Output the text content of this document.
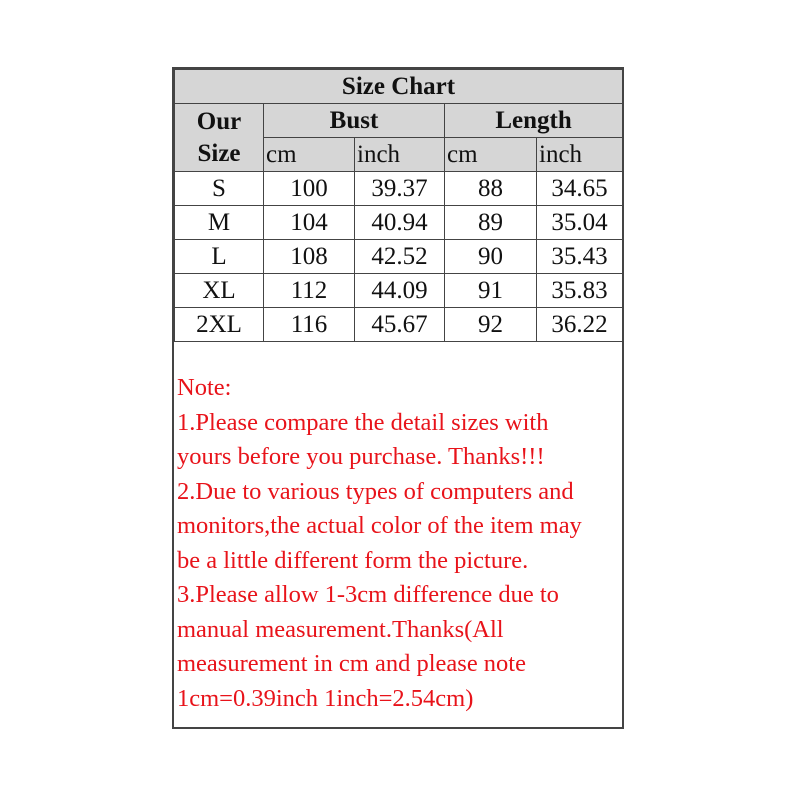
Size Chart				

Our
Size	Bust		Length	
	cm	inch	cm	inch
S	100	39.37	88	34.65
M	104	40.94	89	35.04
L	108	42.52	90	35.43
XL	112	44.09	91	35.83
2XL	116	45.67	92	36.22
Note:
1.Please compare the detail sizes with
yours before you purchase. Thanks!!!
2.Due to various types of computers and
monitors,the actual color of the item may
be a little different form the picture.
3.Please allow 1-3cm difference due to
manual measurement.Thanks(All
measurement in cm and please note
1cm=0.39inch 1inch=2.54cm)
